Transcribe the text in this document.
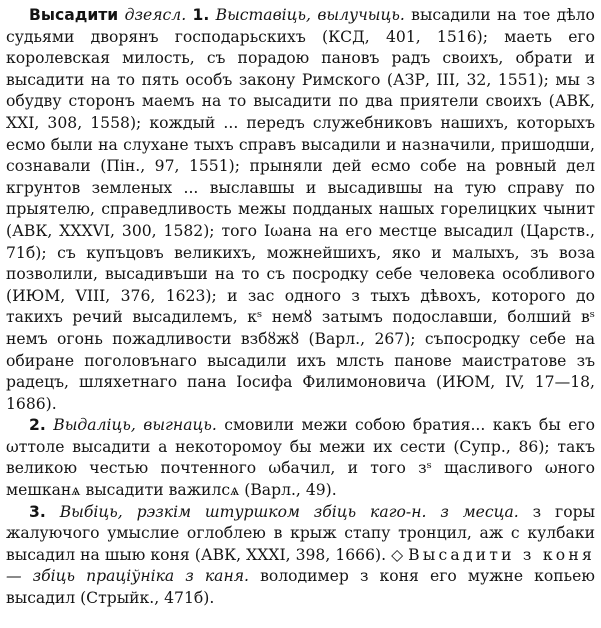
Высадити дзеясл. 1. Выставіць, вылучыць. высадили на тое дѣло судьями дворянъ господарьскихъ (КСД, 401, 1516); маеть его королевская милость, съ порадою пановъ радъ своихъ, обрати и высадити на то пять особъ закону Римского (АЗР, III, 32, 1551); мы з обудву сторонъ маемъ на то высадити по два приятели своихъ (АВК, XXI, 308, 1558); кождый ... передъ служебниковъ нашихъ, которыхъ есмо были на слухане тыхъ справъ высадили и назначили, пришодши, сознавали (Пін., 97, 1551); прыняли дей есмо собе на ровный дел кгрунтов земленых ... выславшы и высадившы на тую справу по прыятелю, справедливость межы подданых нашых горелицких чынит (АВК, XXXVI, 300, 1582); того Іωана на его местце высадил (Царств., 71б); съ купъцовъ великихъ, можнейшихъ, яко и малыхъ, зъ воза позволили, высадивъши на то съ посродку себе человека особливого (ИЮМ, VIII, 376, 1623); и зас одного з тыхъ дѣвохъ, которого до такихъ речий высадилемъ, кˢ немȣ затымъ подославши, болший вˢ немъ огонь пожадливости взбȣжȣ (Варл., 267); съпосродку себе на обиране поголовънаго высадили ихъ млсть панове маистратове зъ радецъ, шляхетнаго пана Іосифа Филимоновича (ИЮМ, IV, 17—18, 1686).

2. Выдаліць, выгнаць. смовили межи собою братия... какъ бы его ωттоле высадити а некоторомоу бы межи их сести (Супр., 86); такъ великою честью почтенного ωбачил, и того зˢ щасливого ωного мешканѧ высадити важилсѧ (Варл., 49).

3. Выбіць, рэзкім штуршком збіць каго-н. з месца. з горы жалуючого умыслие оглоблею в крыж стапу тронцил, аж с кулбаки высадил на шыю коня (АВК, XXXI, 398, 1666). ◇ Высадити з коня — збіць праціўніка з каня. володимер з коня его мужне копьею высадил (Стрыйк., 471б).
